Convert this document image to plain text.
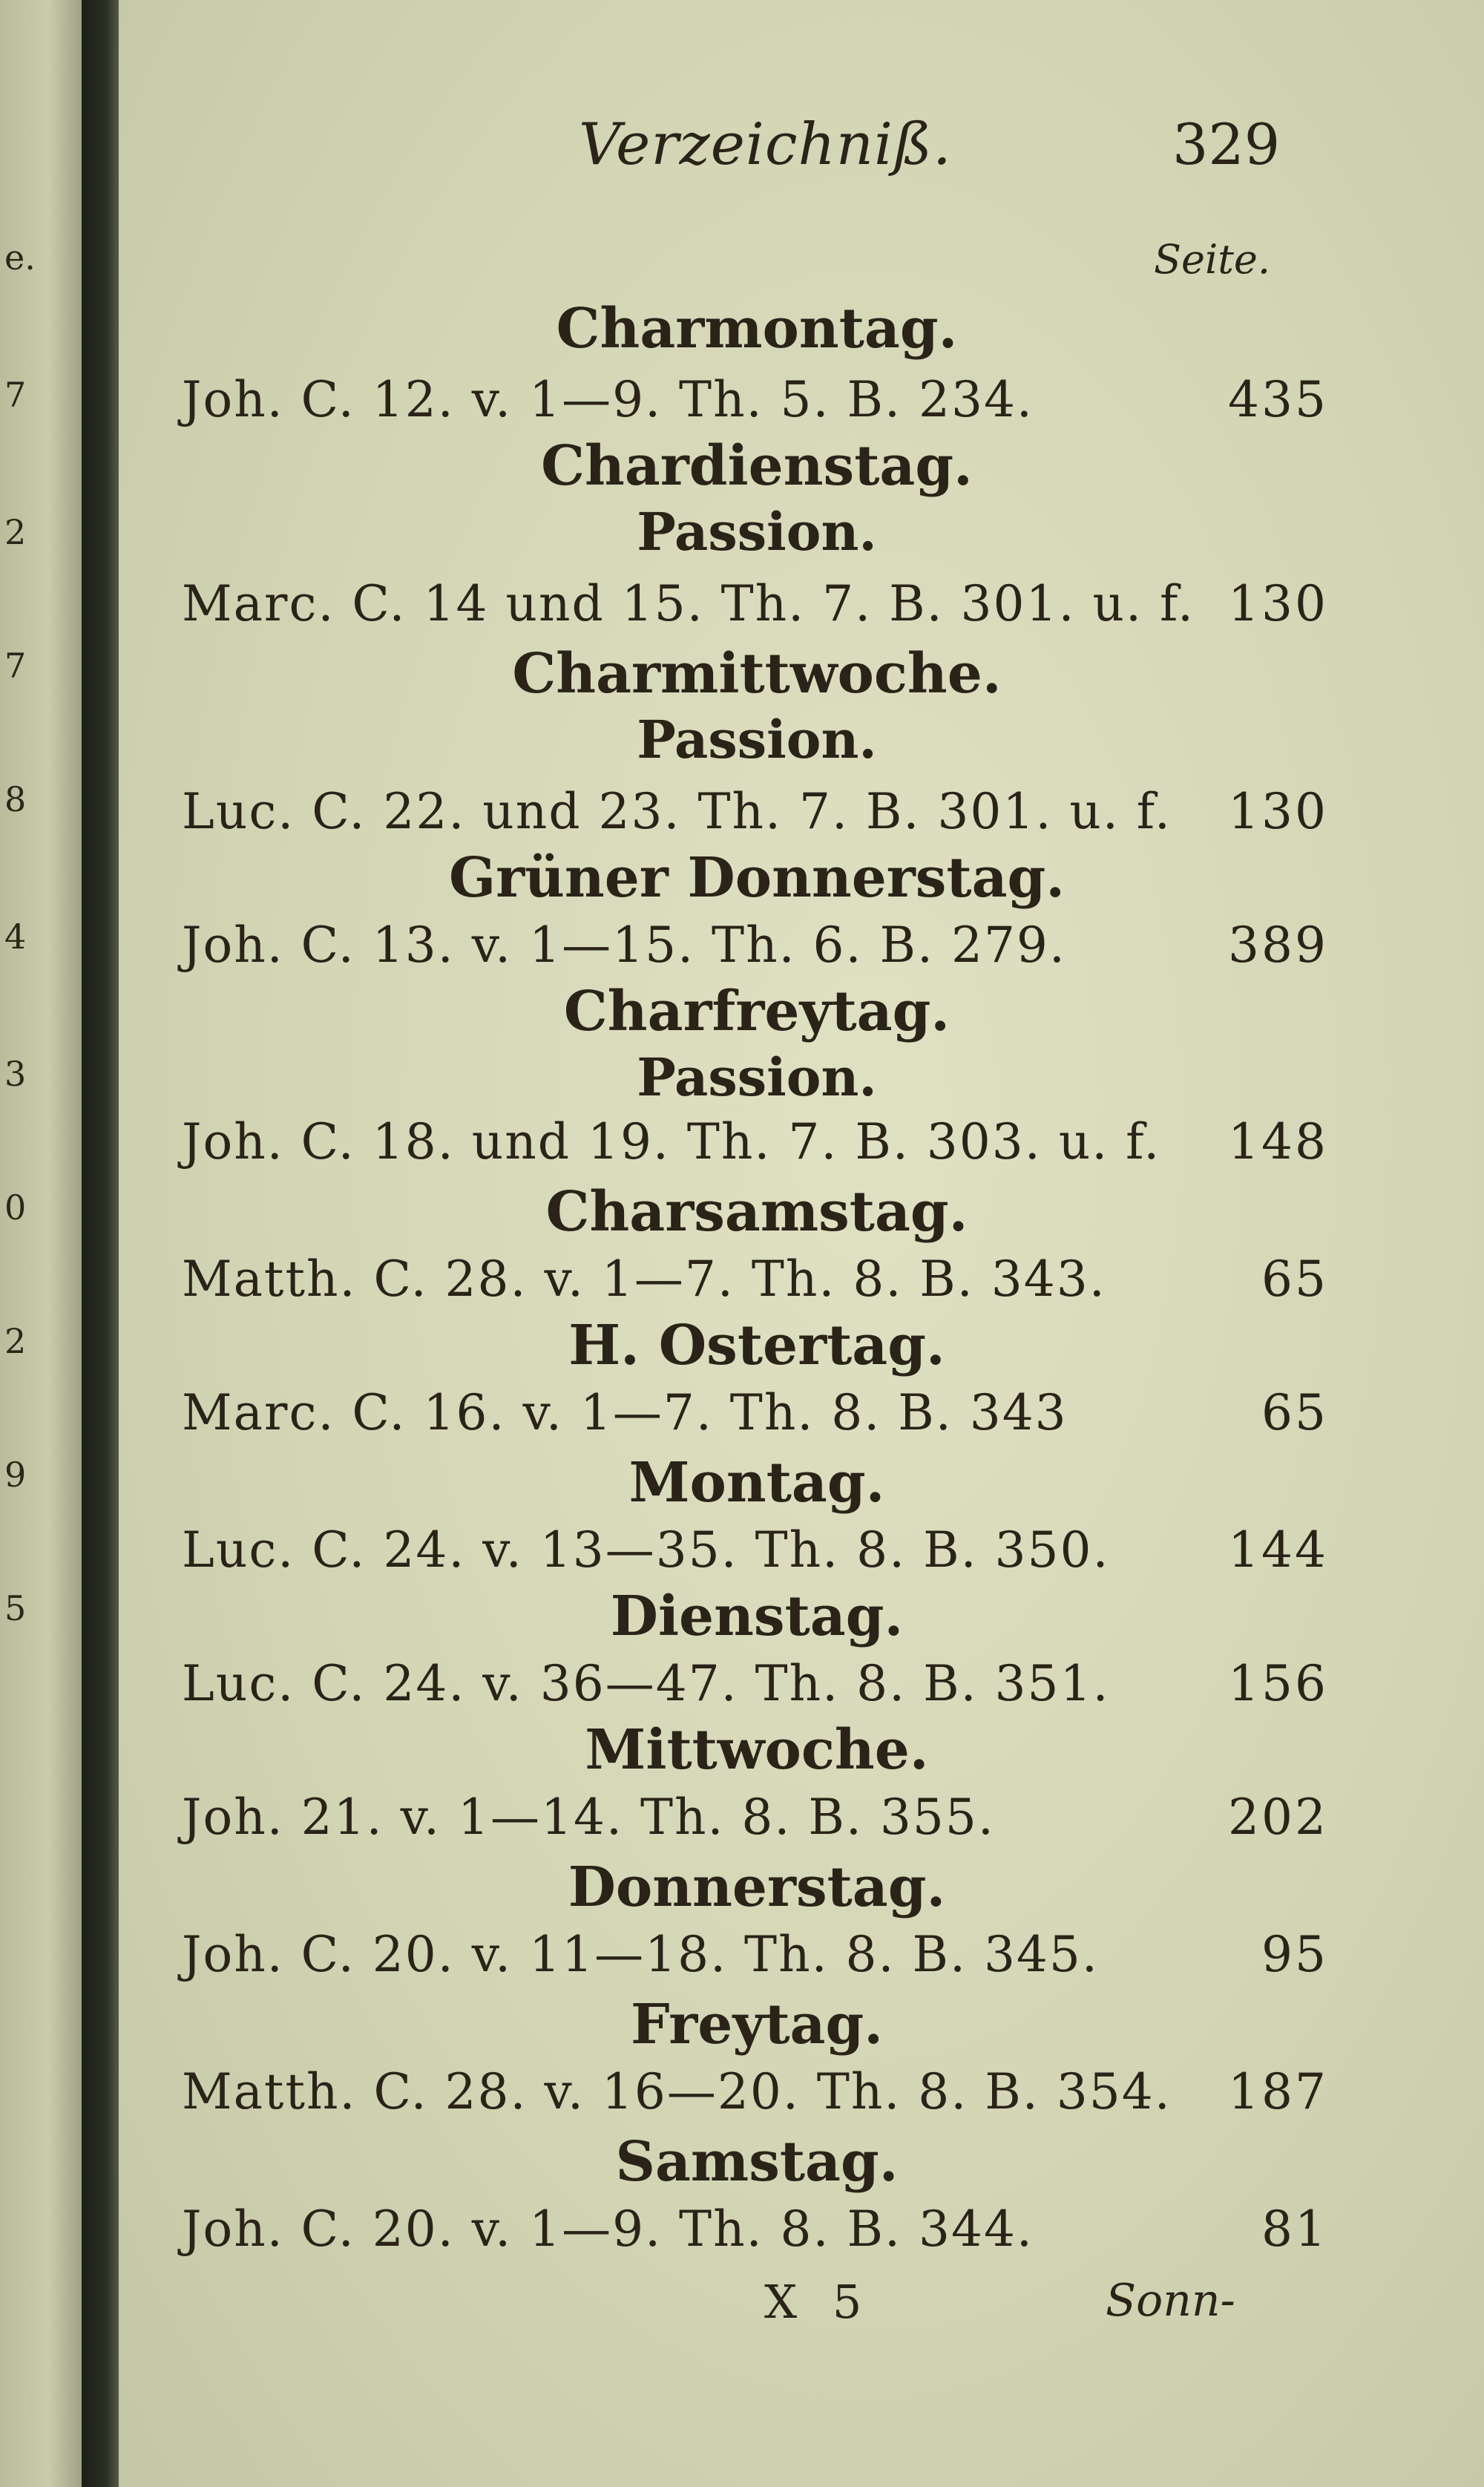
e.
7
2
7
8
4
3
0
2
9
5
Verzeichniß.	329
Seite.
Charmontag.
Joh. C. 12. v. 1—9. Th. 5. B. 234.	435
Chardienstag.
Passion.
Marc. C. 14 und 15. Th. 7. B. 301. u. f. 130
Charmittwoche.
Passion.
Luc. C. 22. und 23. Th. 7. B. 301. u. f.	130
Grüner Donnerstag.
Joh. C. 13. v. 1—15. Th. 6. B. 279.	389
Charfreytag.
Passion.
Joh. C. 18. und 19. Th. 7. B. 303. u. f.	148
Charsamstag.
Matth. C. 28. v. 1—7. Th. 8. B. 343.	65
H. Ostertag.
Marc. C. 16. v. 1—7. Th. 8. B. 343	65
Montag.
Luc. C. 24. v. 13—35. Th. 8. B. 350.	144
Dienstag.
Luc. C. 24. v. 36—47. Th. 8. B. 351.	156
Mittwoche.
Joh. 21. v. 1—14. Th. 8. B. 355.	202
Donnerstag.
Joh. C. 20. v. 11—18. Th. 8. B. 345.	95
Freytag.
Matth. C. 28. v. 16—20. Th. 8. B. 354.	187
Samstag.
Joh. C. 20. v. 1—9. Th. 8. B. 344.	81
X 5	Sonn-
